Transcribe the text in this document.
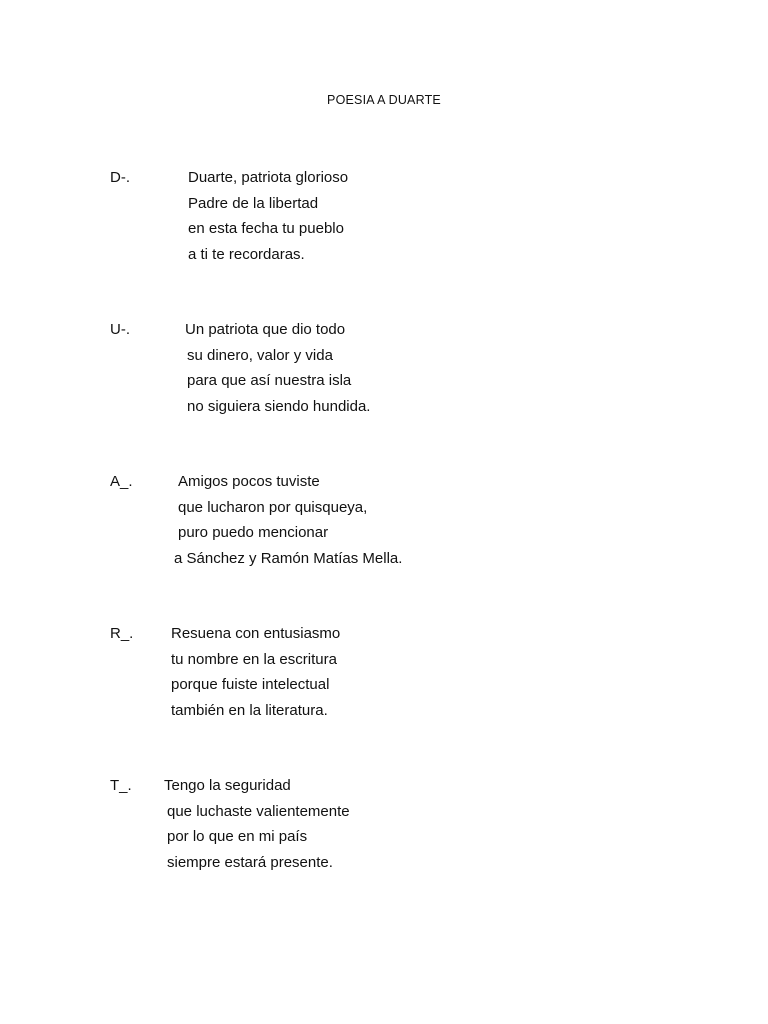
POESIA A DUARTE
D-.	Duarte, patriota glorioso
Padre de la libertad
en esta fecha tu pueblo
a ti te recordaras.
U-.	Un patriota que dio todo
su dinero, valor y vida
para que así nuestra isla
no siguiera siendo hundida.
A_.	Amigos pocos tuviste
que lucharon por quisqueya,
puro puedo mencionar
a Sánchez y Ramón Matías Mella.
R_.	Resuena con entusiasmo
tu nombre en la escritura
porque fuiste intelectual
también en la literatura.
T_. Tengo la seguridad
que luchaste valientemente
por lo que en mi país
siempre estará presente.
